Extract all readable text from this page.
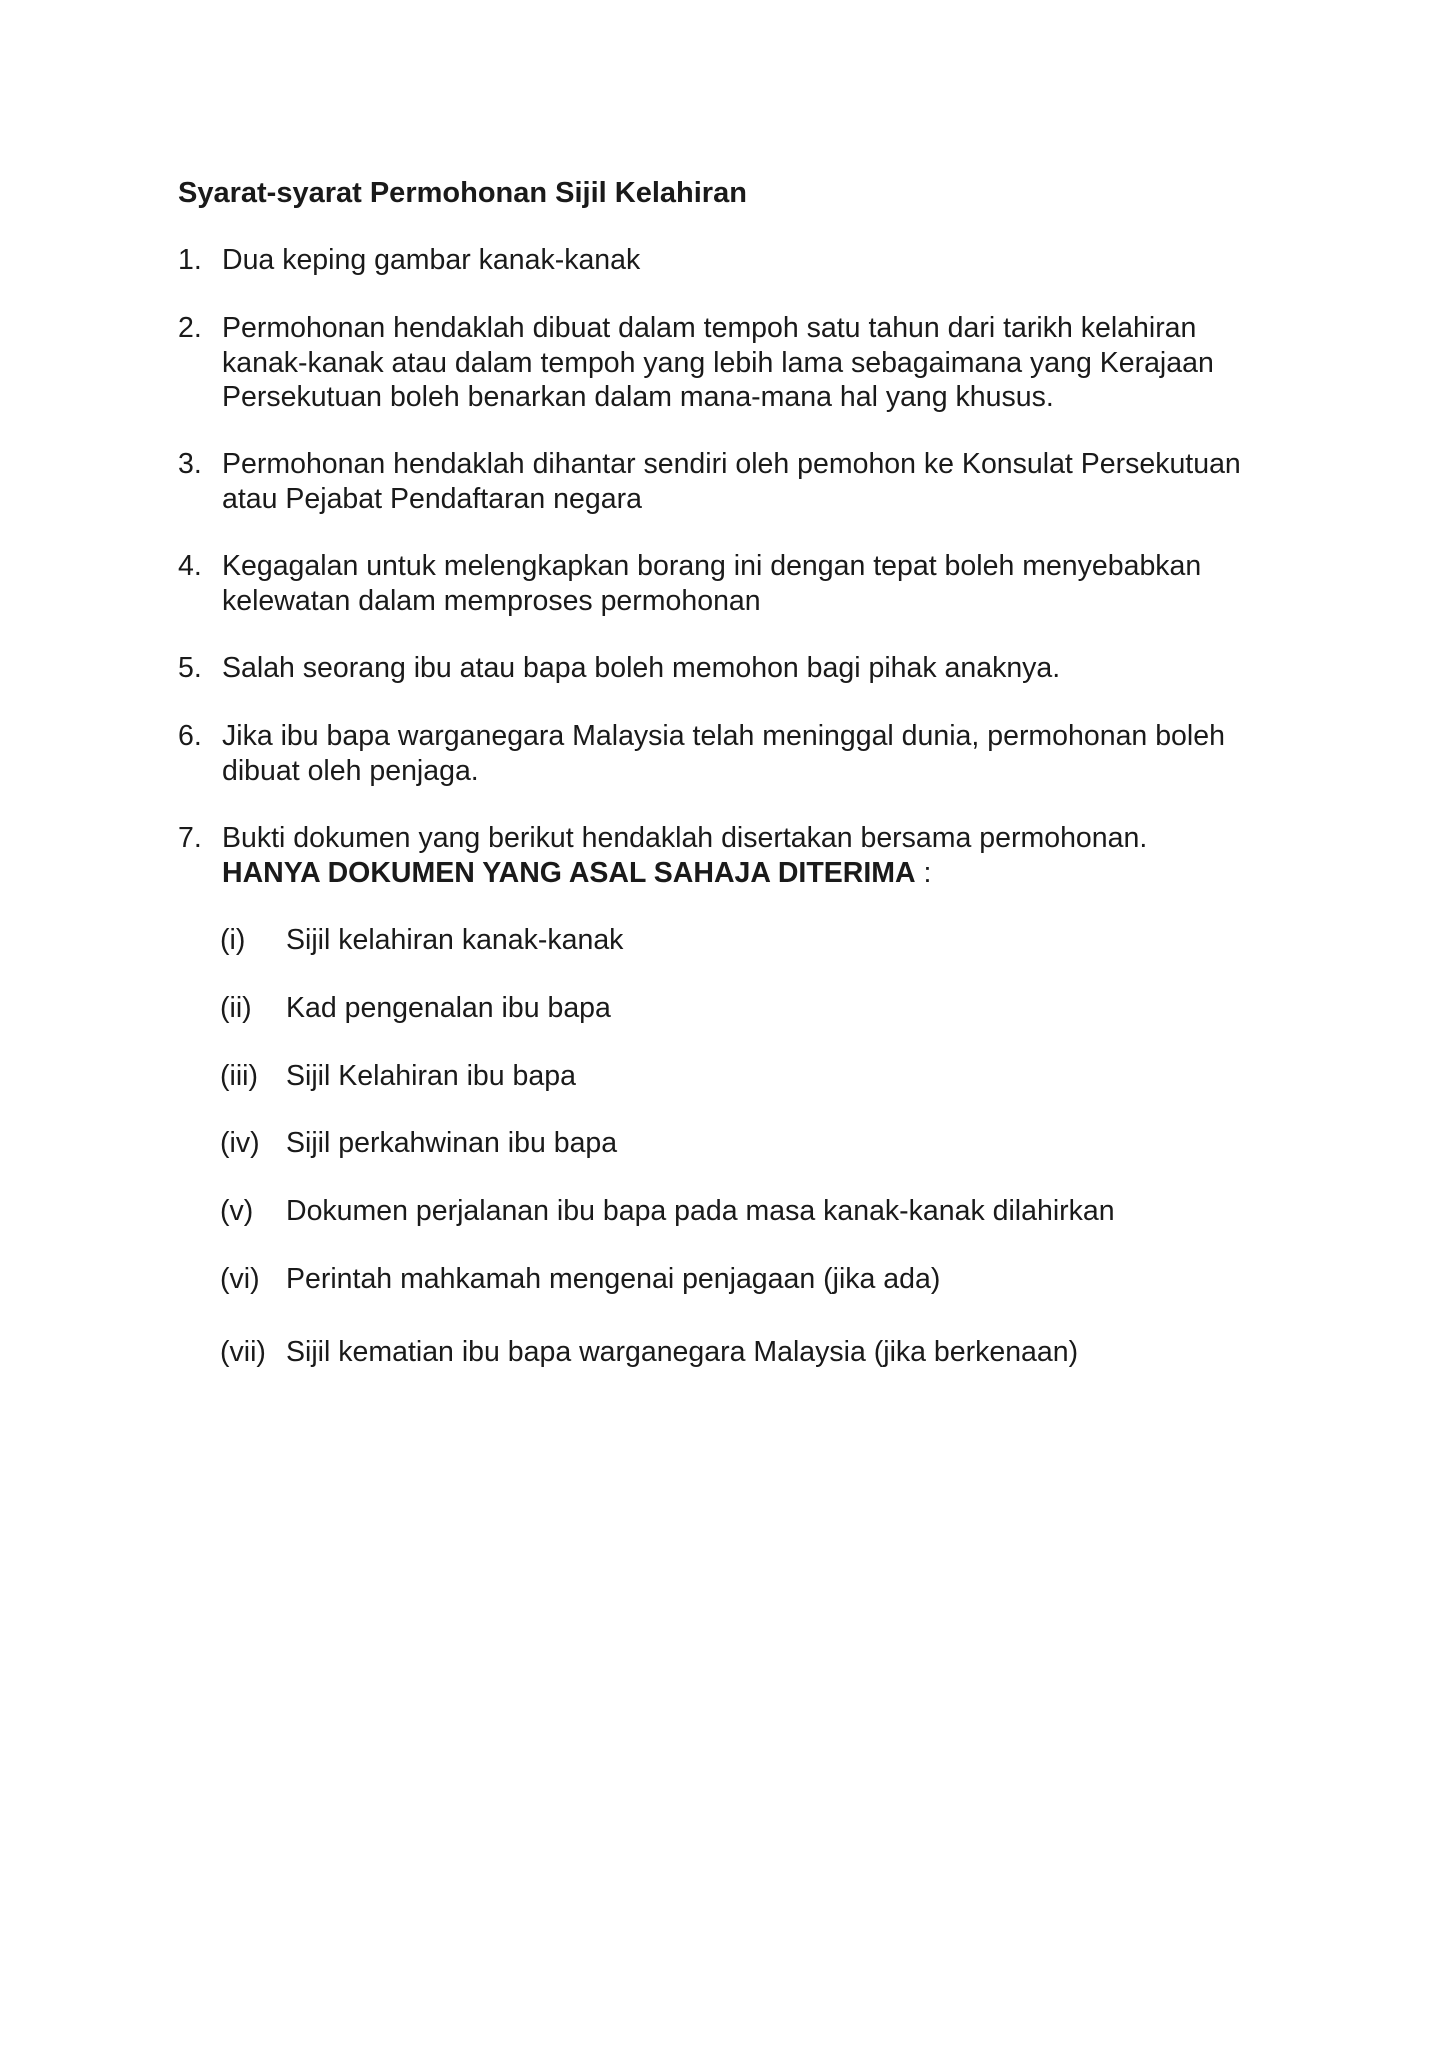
Syarat-syarat Permohonan Sijil Kelahiran
1. Dua keping gambar kanak-kanak
2. Permohonan hendaklah dibuat dalam tempoh satu tahun dari tarikh kelahiran
kanak-kanak atau dalam tempoh yang lebih lama sebagaimana yang Kerajaan
Persekutuan boleh benarkan dalam mana-mana hal yang khusus.
3. Permohonan hendaklah dihantar sendiri oleh pemohon ke Konsulat Persekutuan
atau Pejabat Pendaftaran negara
4. Kegagalan untuk melengkapkan borang ini dengan tepat boleh menyebabkan
kelewatan dalam memproses permohonan
5. Salah seorang ibu atau bapa boleh memohon bagi pihak anaknya.
6. Jika ibu bapa warganegara Malaysia telah meninggal dunia, permohonan boleh
dibuat oleh penjaga.
7. Bukti dokumen yang berikut hendaklah disertakan bersama permohonan.
HANYA DOKUMEN YANG ASAL SAHAJA DITERIMA :
(i)	Sijil kelahiran kanak-kanak
(ii)	Kad pengenalan ibu bapa
(iii) Sijil Kelahiran ibu bapa
(iv) Sijil perkahwinan ibu bapa
(v)	Dokumen perjalanan ibu bapa pada masa kanak-kanak dilahirkan
(vi) Perintah mahkamah mengenai penjagaan (jika ada)
(vii) Sijil kematian ibu bapa warganegara Malaysia (jika berkenaan)
